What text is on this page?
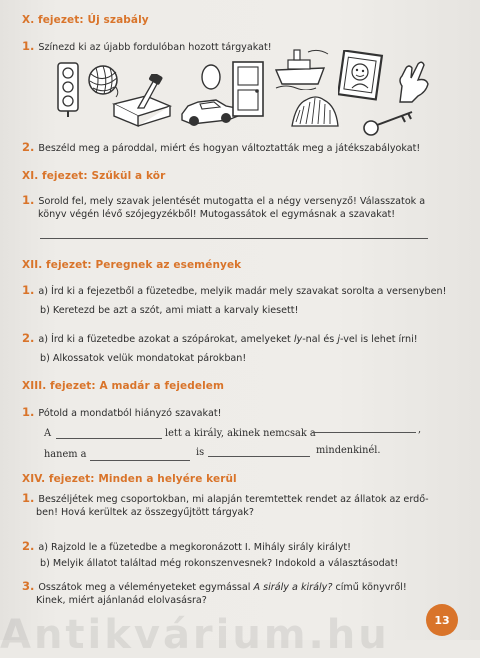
X. fejezet: Új szabály
1. Színezd ki az újabb fordulóban hozott tárgyakat!
2. Beszéld meg a pároddal, miért és hogyan változtatták meg a játékszabályokat!
XI. fejezet: Szűkül a kör
1. Sorold fel, mely szavak jelentését mutogatta el a négy versenyző! Válasszatok a
könyv végén lévő szójegyzékből! Mutogassátok el egymásnak a szavakat!
XII. fejezet: Peregnek az események
1. a) Írd ki a fejezetből a füzetedbe, melyik madár mely szavakat sorolta a versenyben!
b) Keretezd be azt a szót, ami miatt a karvaly kiesett!
2. a) Írd ki a füzetedbe azokat a szópárokat, amelyeket ly-nal és j-vel is lehet írni!
b) Alkossatok velük mondatokat párokban!
XIII. fejezet: A madár a fejedelem
1. Pótold a mondatból hiányzó szavakat!
A	lett a király, akinek nemcsak a	,
hanem a	is	mindenkinél.
XIV. fejezet: Minden a helyére kerül
1. Beszéljétek meg csoportokban, mi alapján teremtettek rendet az állatok az erdő-
ben! Hová kerültek az összegyűjtött tárgyak?
2. a) Rajzold le a füzetedbe a megkoronázott I. Mihály sirály királyt!
b) Melyik állatot találtad még rokonszenvesnek? Indokold a választásodat!
3. Osszátok meg a véleményeteket egymással A sirály a király? című könyvről!
Kinek, miért ajánlanád elolvasásra?
Antikvárium.hu	13
